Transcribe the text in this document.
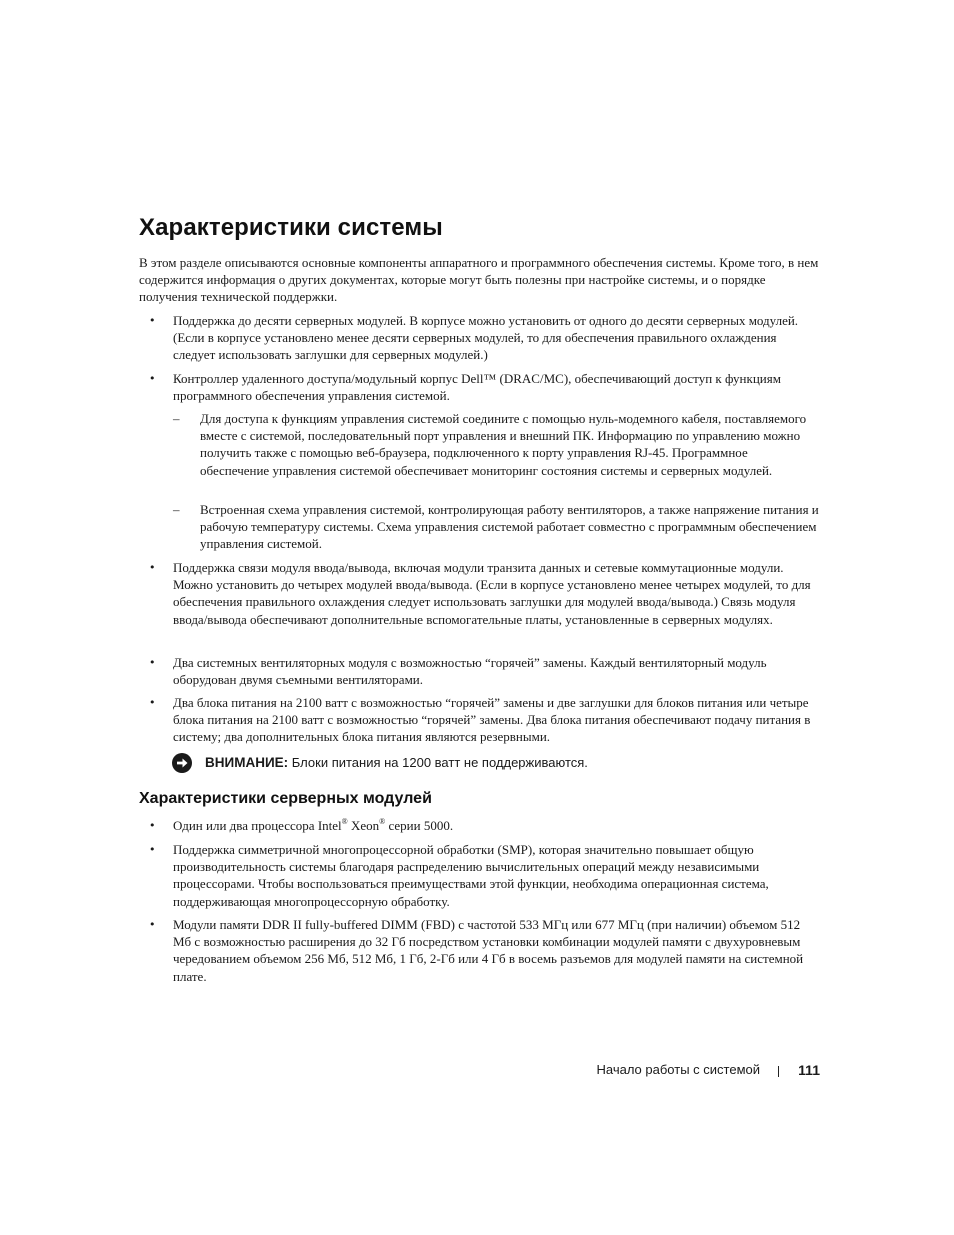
Характеристики системы

В этом разделе описываются основные компоненты аппаратного и программного обеспечения системы. Кроме того, в нем содержится информация о других документах, которые могут быть полезны при настройке системы, и о порядке получения технической поддержки.

• Поддержка до десяти серверных модулей. В корпусе можно установить от одного до десяти серверных модулей. (Если в корпусе установлено менее десяти серверных модулей, то для обеспечения правильного охлаждения следует использовать заглушки для серверных модулей.)
• Контроллер удаленного доступа/модульный корпус Dell™ (DRAC/MC), обеспечивающий доступ к функциям программного обеспечения управления системой.
– Для доступа к функциям управления системой соедините с помощью нуль-модемного кабеля, поставляемого вместе с системой, последовательный порт управления и внешний ПК. Информацию по управлению можно получить также с помощью веб-браузера, подключенного к порту управления RJ-45. Программное обеспечение управления системой обеспечивает мониторинг состояния системы и серверных модулей.
– Встроенная схема управления системой, контролирующая работу вентиляторов, а также напряжение питания и рабочую температуру системы. Схема управления системой работает совместно с программным обеспечением управления системой.
• Поддержка связи модуля ввода/вывода, включая модули транзита данных и сетевые коммутационные модули. Можно установить до четырех модулей ввода/вывода. (Если в корпусе установлено менее четырех модулей, то для обеспечения правильного охлаждения следует использовать заглушки для модулей ввода/вывода.) Связь модуля ввода/вывода обеспечивают дополнительные вспомогательные платы, установленные в серверных модулях.
• Два системных вентиляторных модуля с возможностью “горячей” замены. Каждый вентиляторный модуль оборудован двумя съемными вентиляторами.
• Два блока питания на 2100 ватт с возможностью “горячей” замены и две заглушки для блоков питания или четыре блока питания на 2100 ватт с возможностью “горячей” замены. Два блока питания обеспечивают подачу питания в систему; два дополнительных блока питания являются резервными.
ВНИМАНИЕ: Блоки питания на 1200 ватт не поддерживаются.
Характеристики серверных модулей
• Один или два процессора Intel® Xeon® серии 5000.
• Поддержка симметричной многопроцессорной обработки (SMP), которая значительно повышает общую производительность системы благодаря распределению вычислительных операций между независимыми процессорами. Чтобы воспользоваться преимуществами этой функции, необходима операционная система, поддерживающая многопроцессорную обработку.
• Модули памяти DDR II fully-buffered DIMM (FBD) с частотой 533 МГц или 677 МГц (при наличии) объемом 512 Мб с возможностью расширения до 32 Гб посредством установки комбинации модулей памяти с двухуровневым чередованием объемом 256 Мб, 512 Мб, 1 Гб, 2-Гб или 4 Гб в восемь разъемов для модулей памяти на системной плате.
Начало работы с системой	111
